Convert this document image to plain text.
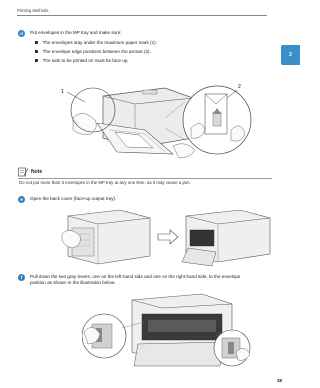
Printing Methods
2
d	Put envelopes in the MP tray and make sure:
The envelopes stay under the maximum paper mark (1).
The envelope edge positions between the arrows (2).
The side to be printed on must be face up.
1
2
Note
Do not put more than 3 envelopes in the MP tray at any one time, as it may cause a jam.
e	Open the back cover (face-up output tray).
f	Pull down the two gray levers, one on the left-hand side and one on the right-hand side, to the envelope
position as shown in the illustration below.
18
